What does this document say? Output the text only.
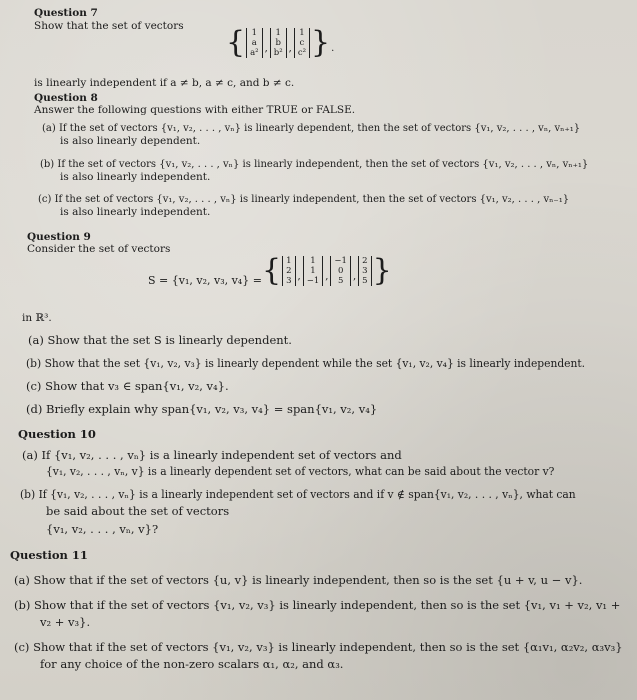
Question 7
Show that the set of vectors { 1
a
a² ,
1
b
b² ,
1
c
c² } .
is linearly independent if a ≠ b, a ≠ c, and b ≠ c.
Question 8
Answer the following questions with either TRUE or FALSE.
(a) If the set of vectors {v₁, v₂, . . . , vₙ} is linearly dependent, then the set of vectors {v₁, v₂, . . . , vₙ, vₙ₊₁}
is also linearly dependent.
(b) If the set of vectors {v₁, v₂, . . . , vₙ} is linearly independent, then the set of vectors {v₁, v₂, . . . , vₙ, vₙ₊₁}
is also linearly independent.
(c) If the set of vectors {v₁, v₂, . . . , vₙ} is linearly independent, then the set of vectors {v₁, v₂, . . . , vₙ₋₁}
is also linearly independent.
Question 9
Consider the set of vectors
S = {v₁, v₂, v₃, v₄} = { 1
2
3 ,
1
1
−1 ,
−1
0
5 ,
2
3
5 }
in ℝ³.
(a) Show that the set S is linearly dependent.
(b) Show that the set {v₁, v₂, v₃} is linearly dependent while the set {v₁, v₂, v₄} is linearly independent.
(c) Show that v₃ ∈ span{v₁, v₂, v₄}.
(d) Briefly explain why span{v₁, v₂, v₃, v₄} = span{v₁, v₂, v₄}
Question 10
(a) If {v₁, v₂, . . . , vₙ} is a linearly independent set of vectors and
{v₁, v₂, . . . , vₙ, v} is a linearly dependent set of vectors, what can be said about the vector v?
(b) If {v₁, v₂, . . . , vₙ} is a linearly independent set of vectors and if v ∉ span{v₁, v₂, . . . , vₙ}, what can
be said about the set of vectors
{v₁, v₂, . . . , vₙ, v}?
Question 11
(a) Show that if the set of vectors {u, v} is linearly independent, then so is the set {u + v, u − v}.
(b) Show that if the set of vectors {v₁, v₂, v₃} is linearly independent, then so is the set {v₁, v₁ + v₂, v₁ +
v₂ + v₃}.
(c) Show that if the set of vectors {v₁, v₂, v₃} is linearly independent, then so is the set {α₁v₁, α₂v₂, α₃v₃}
for any choice of the non-zero scalars α₁, α₂, and α₃.
